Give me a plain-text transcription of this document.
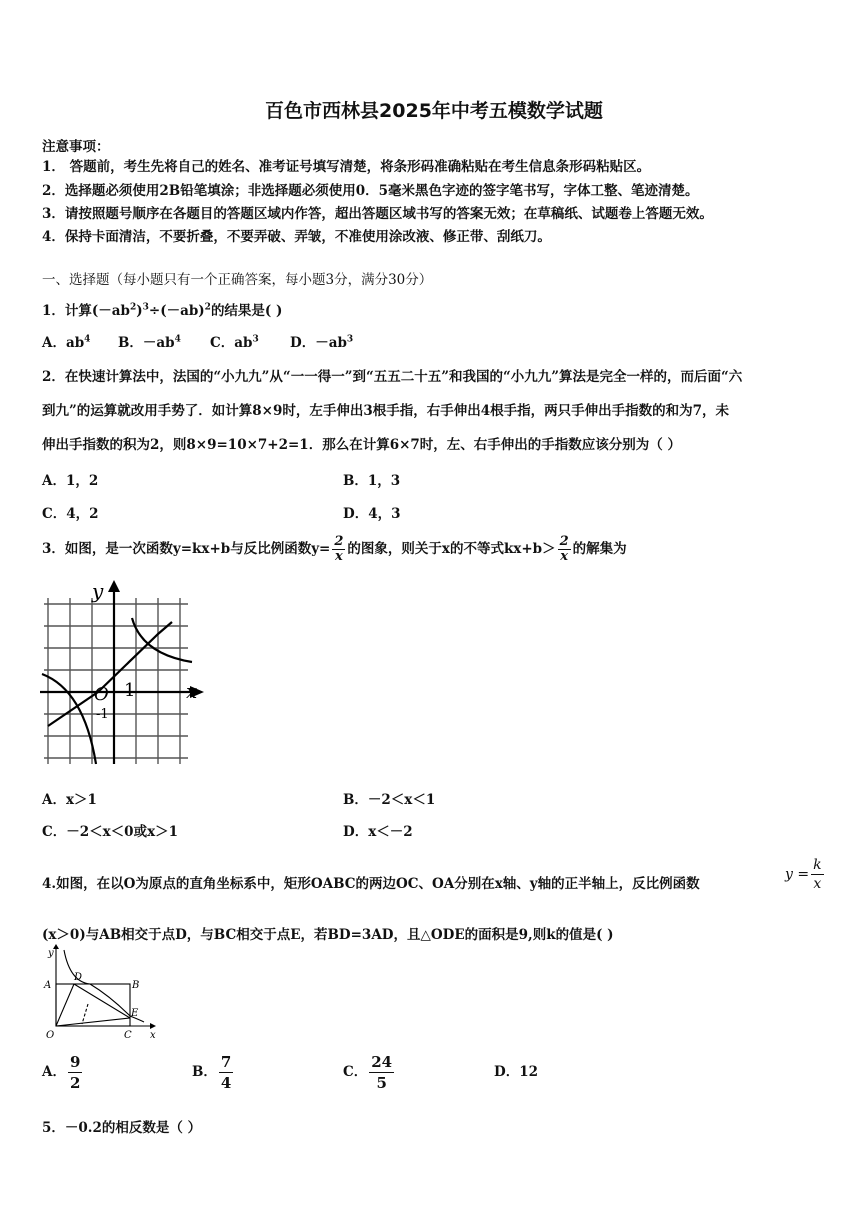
百色市西林县2025年中考五模数学试题
注意事项：
1． 答题前，考生先将自己的姓名、准考证号填写清楚，将条形码准确粘贴在考生信息条形码粘贴区。
2．选择题必须使用2B铅笔填涂；非选择题必须使用0．5毫米黑色字迹的签字笔书写，字体工整、笔迹清楚。
3．请按照题号顺序在各题目的答题区域内作答，超出答题区域书写的答案无效；在草稿纸、试题卷上答题无效。
4．保持卡面清洁，不要折叠，不要弄破、弄皱，不准使用涂改液、修正带、刮纸刀。
一、选择题（每小题只有一个正确答案，每小题3分，满分30分）
1．计算$(-ab^2)^3\div(-ab)^2$的结果是( )
A．$ab^4$ B．$-ab^4$ C．$ab^3$ D．$-ab^3$
2．在快速计算法中，法国的“小九九”从“一一得一”到“五五二十五”和我国的“小九九”算法是完全一样的，而后面“六
到九”的运算就改用手势了．如计算8×9时，左手伸出3根手指，右手伸出4根手指，两只手伸出手指数的和为7，未
伸出手指数的积为2，则8×9=10×7+2=1．那么在计算6×7时，左、右手伸出的手指数应该分别为（ ）
A．1，2	B．1，3
C．4，2	D．4，3
3．如图，是一次函数y=kx+b与反比例函数$y= \frac{2}{x}$ 的图象，则关于x的不等式$kx+b> \frac{2}{x}$ 的解集为
x
y
O 1
-1
A．x＞1	B．－2＜x＜1
C．－2＜x＜0或x＞1	D．x＜－2
4.如图，在以O为原点的直角坐标系中，矩形OABC的两边OC、OA分别在x轴、y轴的正半轴上，反比例函数
$y = \frac{k}{x}$
(x＞0)与AB相交于点D，与BC相交于点E，若BD=3AD，且△ODE的面积是9,则k的值是( )
y
x
A
D
B
E
C
O
A． $\frac{9}{2}$	B． $\frac{7}{4}$	C． $\frac{24}{5}$	D．12
5．－0.2的相反数是（ ）
